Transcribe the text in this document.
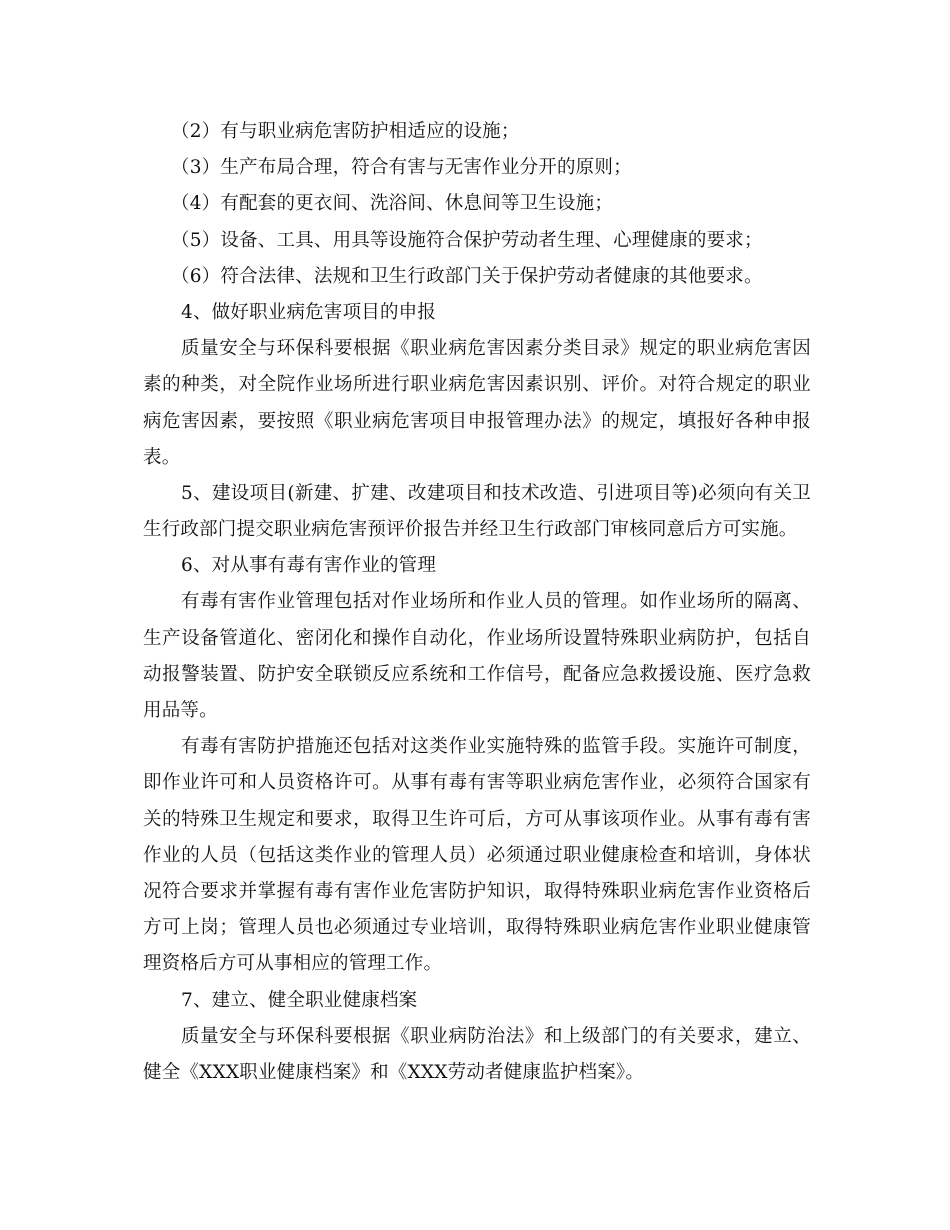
（2）有与职业病危害防护相适应的设施；
（3）生产布局合理，符合有害与无害作业分开的原则；
（4）有配套的更衣间、洗浴间、休息间等卫生设施；
（5）设备、工具、用具等设施符合保护劳动者生理、心理健康的要求；
（6）符合法律、法规和卫生行政部门关于保护劳动者健康的其他要求。
4、做好职业病危害项目的申报
质量安全与环保科要根据《职业病危害因素分类目录》规定的职业病危害因
素的种类，对全院作业场所进行职业病危害因素识别、评价。对符合规定的职业
病危害因素，要按照《职业病危害项目申报管理办法》的规定，填报好各种申报
表。
5、建设项目(新建、扩建、改建项目和技术改造、引进项目等)必须向有关卫
生行政部门提交职业病危害预评价报告并经卫生行政部门审核同意后方可实施。
6、对从事有毒有害作业的管理
有毒有害作业管理包括对作业场所和作业人员的管理。如作业场所的隔离、
生产设备管道化、密闭化和操作自动化，作业场所设置特殊职业病防护，包括自
动报警装置、防护安全联锁反应系统和工作信号，配备应急救援设施、医疗急救
用品等。
有毒有害防护措施还包括对这类作业实施特殊的监管手段。实施许可制度，
即作业许可和人员资格许可。从事有毒有害等职业病危害作业，必须符合国家有
关的特殊卫生规定和要求，取得卫生许可后，方可从事该项作业。从事有毒有害
作业的人员（包括这类作业的管理人员）必须通过职业健康检查和培训，身体状
况符合要求并掌握有毒有害作业危害防护知识，取得特殊职业病危害作业资格后
方可上岗；管理人员也必须通过专业培训，取得特殊职业病危害作业职业健康管
理资格后方可从事相应的管理工作。
7、建立、健全职业健康档案
质量安全与环保科要根据《职业病防治法》和上级部门的有关要求，建立、
健全《XXX职业健康档案》和《XXX劳动者健康监护档案》。
